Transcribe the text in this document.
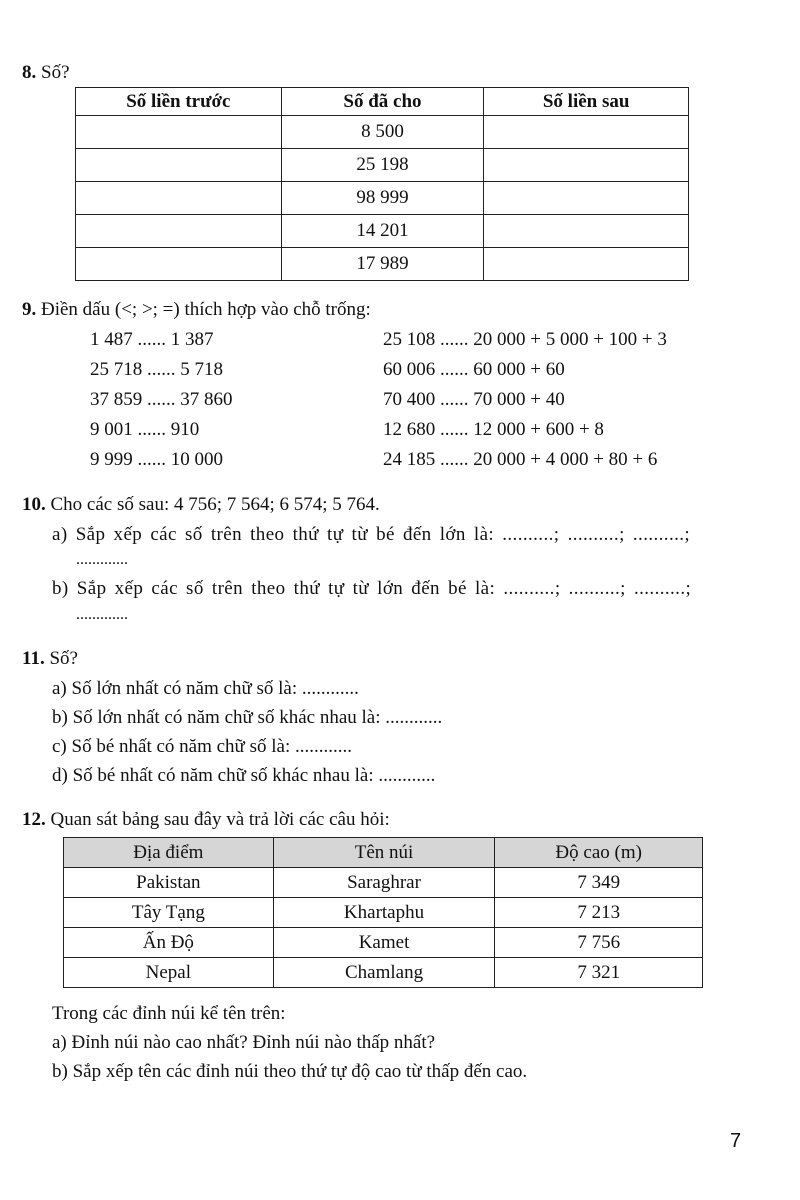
8. Số?
Số liền trước	Số đã cho	Số liền sau
	8 500	
	25 198	
	98 999	
	14 201	
	17 989	
9. Điền dấu (<; >; =) thích hợp vào chỗ trống:
1 487 ...... 1 387
25 718 ...... 5 718
37 859 ...... 37 860
9 001 ...... 910
9 999 ...... 10 000
25 108 ...... 20 000 + 5 000 + 100 + 3
60 006 ...... 60 000 + 60
70 400 ...... 70 000 + 40
12 680 ...... 12 000 + 600 + 8
24 185 ...... 20 000 + 4 000 + 80 + 6
10. Cho các số sau: 4 756; 7 564; 6 574; 5 764.
a) Sắp xếp các số trên theo thứ tự từ bé đến lớn là: ..........; ..........; ..........;
.............
b) Sắp xếp các số trên theo thứ tự từ lớn đến bé là: ..........; ..........; ..........;
.............
11. Số?
a) Số lớn nhất có năm chữ số là: ............
b) Số lớn nhất có năm chữ số khác nhau là: ............
c) Số bé nhất có năm chữ số là: ............
d) Số bé nhất có năm chữ số khác nhau là: ............
12. Quan sát bảng sau đây và trả lời các câu hỏi:
Địa điểm	Tên núi	Độ cao (m)
Pakistan	Saraghrar	7 349
Tây Tạng	Khartaphu	7 213
Ấn Độ	Kamet	7 756
Nepal	Chamlang	7 321
Trong các đỉnh núi kể tên trên:
a) Đỉnh núi nào cao nhất? Đỉnh núi nào thấp nhất?
b) Sắp xếp tên các đỉnh núi theo thứ tự độ cao từ thấp đến cao.
7
